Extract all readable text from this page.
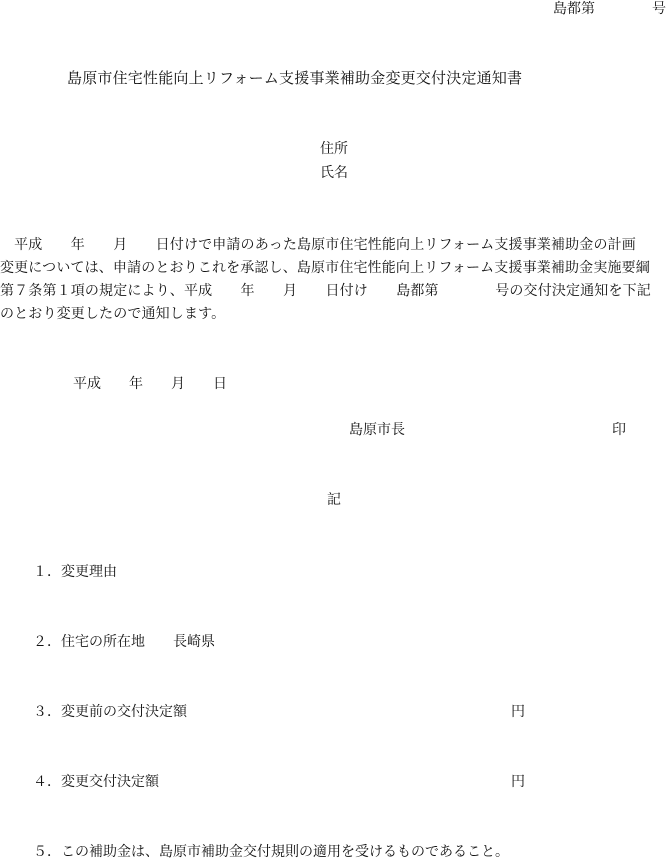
島都第	号
島原市住宅性能向上リフォーム支援事業補助金変更交付決定通知書
住所
氏名
　平成　　年　　月　　日付けで申請のあった島原市住宅性能向上リフォーム支援事業補助金の計画
変更については、申請のとおりこれを承認し、島原市住宅性能向上リフォーム支援事業補助金実施要綱
第７条第１項の規定により、平成　　年　　月　　日付け　　島都第　　　　号の交付決定通知を下記
のとおり変更したので通知します。
平成　　年　　月　　日
島原市長	印
記
１．変更理由
２．住宅の所在地　　長崎県
３．変更前の交付決定額	円
４．変更交付決定額	円
５．この補助金は、島原市補助金交付規則の適用を受けるものであること。
